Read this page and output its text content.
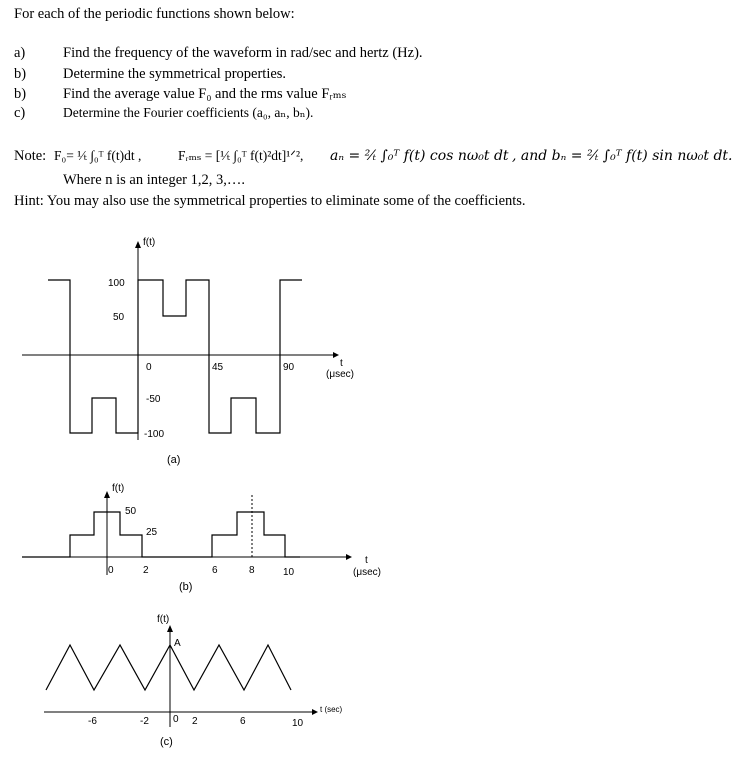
For each of the periodic functions shown below:
a)	Find the frequency of the waveform in rad/sec and hertz (Hz).
b)	Determine the symmetrical properties.
b)	Find the average value F₀ and the rms value Fᵣₘₛ
c)	Determine the Fourier coefficients (a₀, aₙ, bₙ).
Note: F₀= ¹⁄ₜ ∫₀ᵀ f(t)dt ,	Fᵣₘₛ = [¹⁄ₜ ∫₀ᵀ f(t)²dt]¹ᐟ², aₙ = ²⁄ₜ ∫₀ᵀ f(t) cos nω₀t dt , and bₙ = ²⁄ₜ ∫₀ᵀ f(t) sin nω₀t dt.
Where n is an integer 1,2, 3,….
Hint: You may also use the symmetrical properties to eliminate some of the coefficients.
f(t)
100
50
-50
-100
0	45	90	t
(μsec)
(a)
f(t)
50
25
0	2	6	8	10
t
(μsec)
(b)
f(t)
A
-6	-2 0 2	6	10
t (sec)
(c)
